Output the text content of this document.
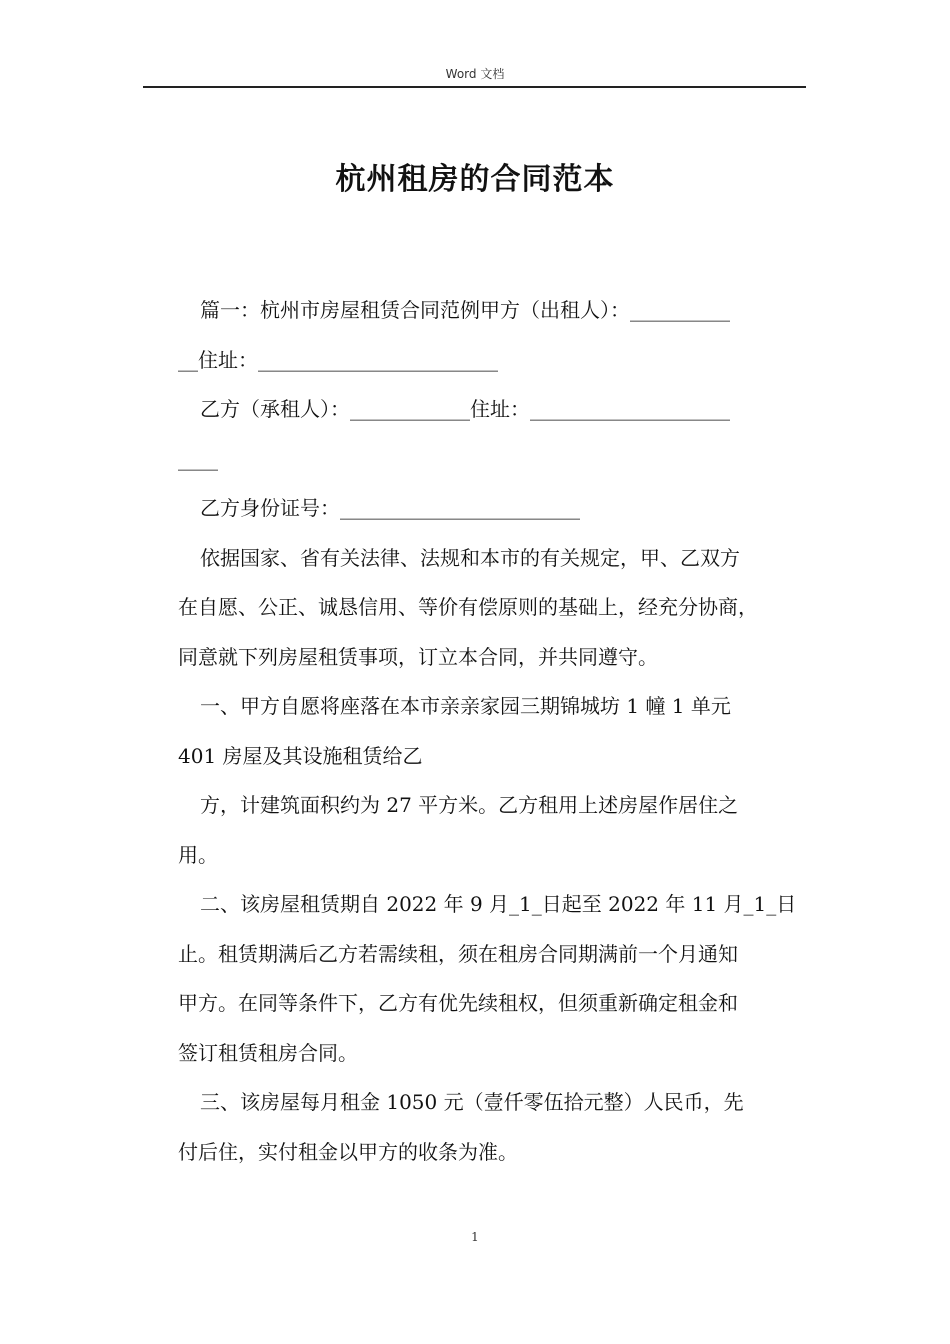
Word 文档
杭州租房的合同范本

篇一：杭州市房屋租赁合同范例甲方（出租人）：__________

__住址：________________________

乙方（承租人）：____________住址：____________________

____

乙方身份证号：________________________

依据国家、省有关法律、法规和本市的有关规定，甲、乙双方

在自愿、公正、诚恳信用、等价有偿原则的基础上，经充分协商，

同意就下列房屋租赁事项，订立本合同，并共同遵守。

一、甲方自愿将座落在本市亲亲家园三期锦城坊 1 幢 1 单元

401 房屋及其设施租赁给乙

方，计建筑面积约为 27 平方米。乙方租用上述房屋作居住之

用。

二、该房屋租赁期自 2022 年 9 月_1_日起至 2022 年 11 月_1_日

止。租赁期满后乙方若需续租，须在租房合同期满前一个月通知

甲方。在同等条件下，乙方有优先续租权，但须重新确定租金和

签订租赁租房合同。

三、该房屋每月租金 1050 元（壹仟零伍拾元整）人民币，先

付后住，实付租金以甲方的收条为准。

1
